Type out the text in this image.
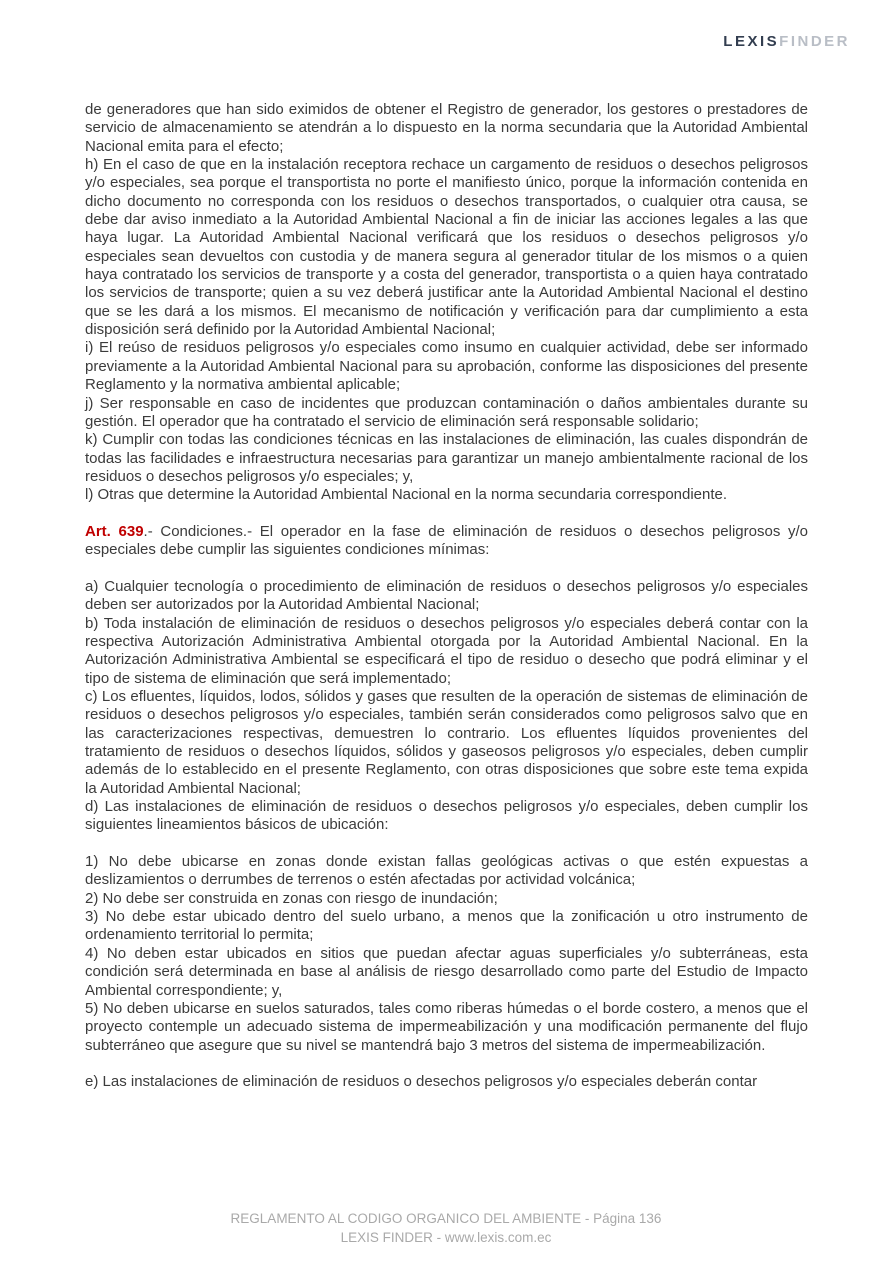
LEXISFINDER

de generadores que han sido eximidos de obtener el Registro de generador, los gestores o prestadores de servicio de almacenamiento se atendrán a lo dispuesto en la norma secundaria que la Autoridad Ambiental Nacional emita para el efecto;

h) En el caso de que en la instalación receptora rechace un cargamento de residuos o desechos peligrosos y/o especiales, sea porque el transportista no porte el manifiesto único, porque la información contenida en dicho documento no corresponda con los residuos o desechos transportados, o cualquier otra causa, se debe dar aviso inmediato a la Autoridad Ambiental Nacional a fin de iniciar las acciones legales a las que haya lugar. La Autoridad Ambiental Nacional verificará que los residuos o desechos peligrosos y/o especiales sean devueltos con custodia y de manera segura al generador titular de los mismos o a quien haya contratado los servicios de transporte y a costa del generador, transportista o a quien haya contratado los servicios de transporte; quien a su vez deberá justificar ante la Autoridad Ambiental Nacional el destino que se les dará a los mismos. El mecanismo de notificación y verificación para dar cumplimiento a esta disposición será definido por la Autoridad Ambiental Nacional;

i) El reúso de residuos peligrosos y/o especiales como insumo en cualquier actividad, debe ser informado previamente a la Autoridad Ambiental Nacional para su aprobación, conforme las disposiciones del presente Reglamento y la normativa ambiental aplicable;

j) Ser responsable en caso de incidentes que produzcan contaminación o daños ambientales durante su gestión. El operador que ha contratado el servicio de eliminación será responsable solidario;

k) Cumplir con todas las condiciones técnicas en las instalaciones de eliminación, las cuales dispondrán de todas las facilidades e infraestructura necesarias para garantizar un manejo ambientalmente racional de los residuos o desechos peligrosos y/o especiales; y,

l) Otras que determine la Autoridad Ambiental Nacional en la norma secundaria correspondiente.

Art. 639.- Condiciones.- El operador en la fase de eliminación de residuos o desechos peligrosos y/o especiales debe cumplir las siguientes condiciones mínimas:

a) Cualquier tecnología o procedimiento de eliminación de residuos o desechos peligrosos y/o especiales deben ser autorizados por la Autoridad Ambiental Nacional;

b) Toda instalación de eliminación de residuos o desechos peligrosos y/o especiales deberá contar con la respectiva Autorización Administrativa Ambiental otorgada por la Autoridad Ambiental Nacional. En la Autorización Administrativa Ambiental se especificará el tipo de residuo o desecho que podrá eliminar y el tipo de sistema de eliminación que será implementado;

c) Los efluentes, líquidos, lodos, sólidos y gases que resulten de la operación de sistemas de eliminación de residuos o desechos peligrosos y/o especiales, también serán considerados como peligrosos salvo que en las caracterizaciones respectivas, demuestren lo contrario. Los efluentes líquidos provenientes del tratamiento de residuos o desechos líquidos, sólidos y gaseosos peligrosos y/o especiales, deben cumplir además de lo establecido en el presente Reglamento, con otras disposiciones que sobre este tema expida la Autoridad Ambiental Nacional;

d) Las instalaciones de eliminación de residuos o desechos peligrosos y/o especiales, deben cumplir los siguientes lineamientos básicos de ubicación:

1) No debe ubicarse en zonas donde existan fallas geológicas activas o que estén expuestas a deslizamientos o derrumbes de terrenos o estén afectadas por actividad volcánica;

2) No debe ser construida en zonas con riesgo de inundación;

3) No debe estar ubicado dentro del suelo urbano, a menos que la zonificación u otro instrumento de ordenamiento territorial lo permita;

4) No deben estar ubicados en sitios que puedan afectar aguas superficiales y/o subterráneas, esta condición será determinada en base al análisis de riesgo desarrollado como parte del Estudio de Impacto Ambiental correspondiente; y,

5) No deben ubicarse en suelos saturados, tales como riberas húmedas o el borde costero, a menos que el proyecto contemple un adecuado sistema de impermeabilización y una modificación permanente del flujo subterráneo que asegure que su nivel se mantendrá bajo 3 metros del sistema de impermeabilización.

e) Las instalaciones de eliminación de residuos o desechos peligrosos y/o especiales deberán contar

REGLAMENTO AL CODIGO ORGANICO DEL AMBIENTE - Página 136
LEXIS FINDER - www.lexis.com.ec
